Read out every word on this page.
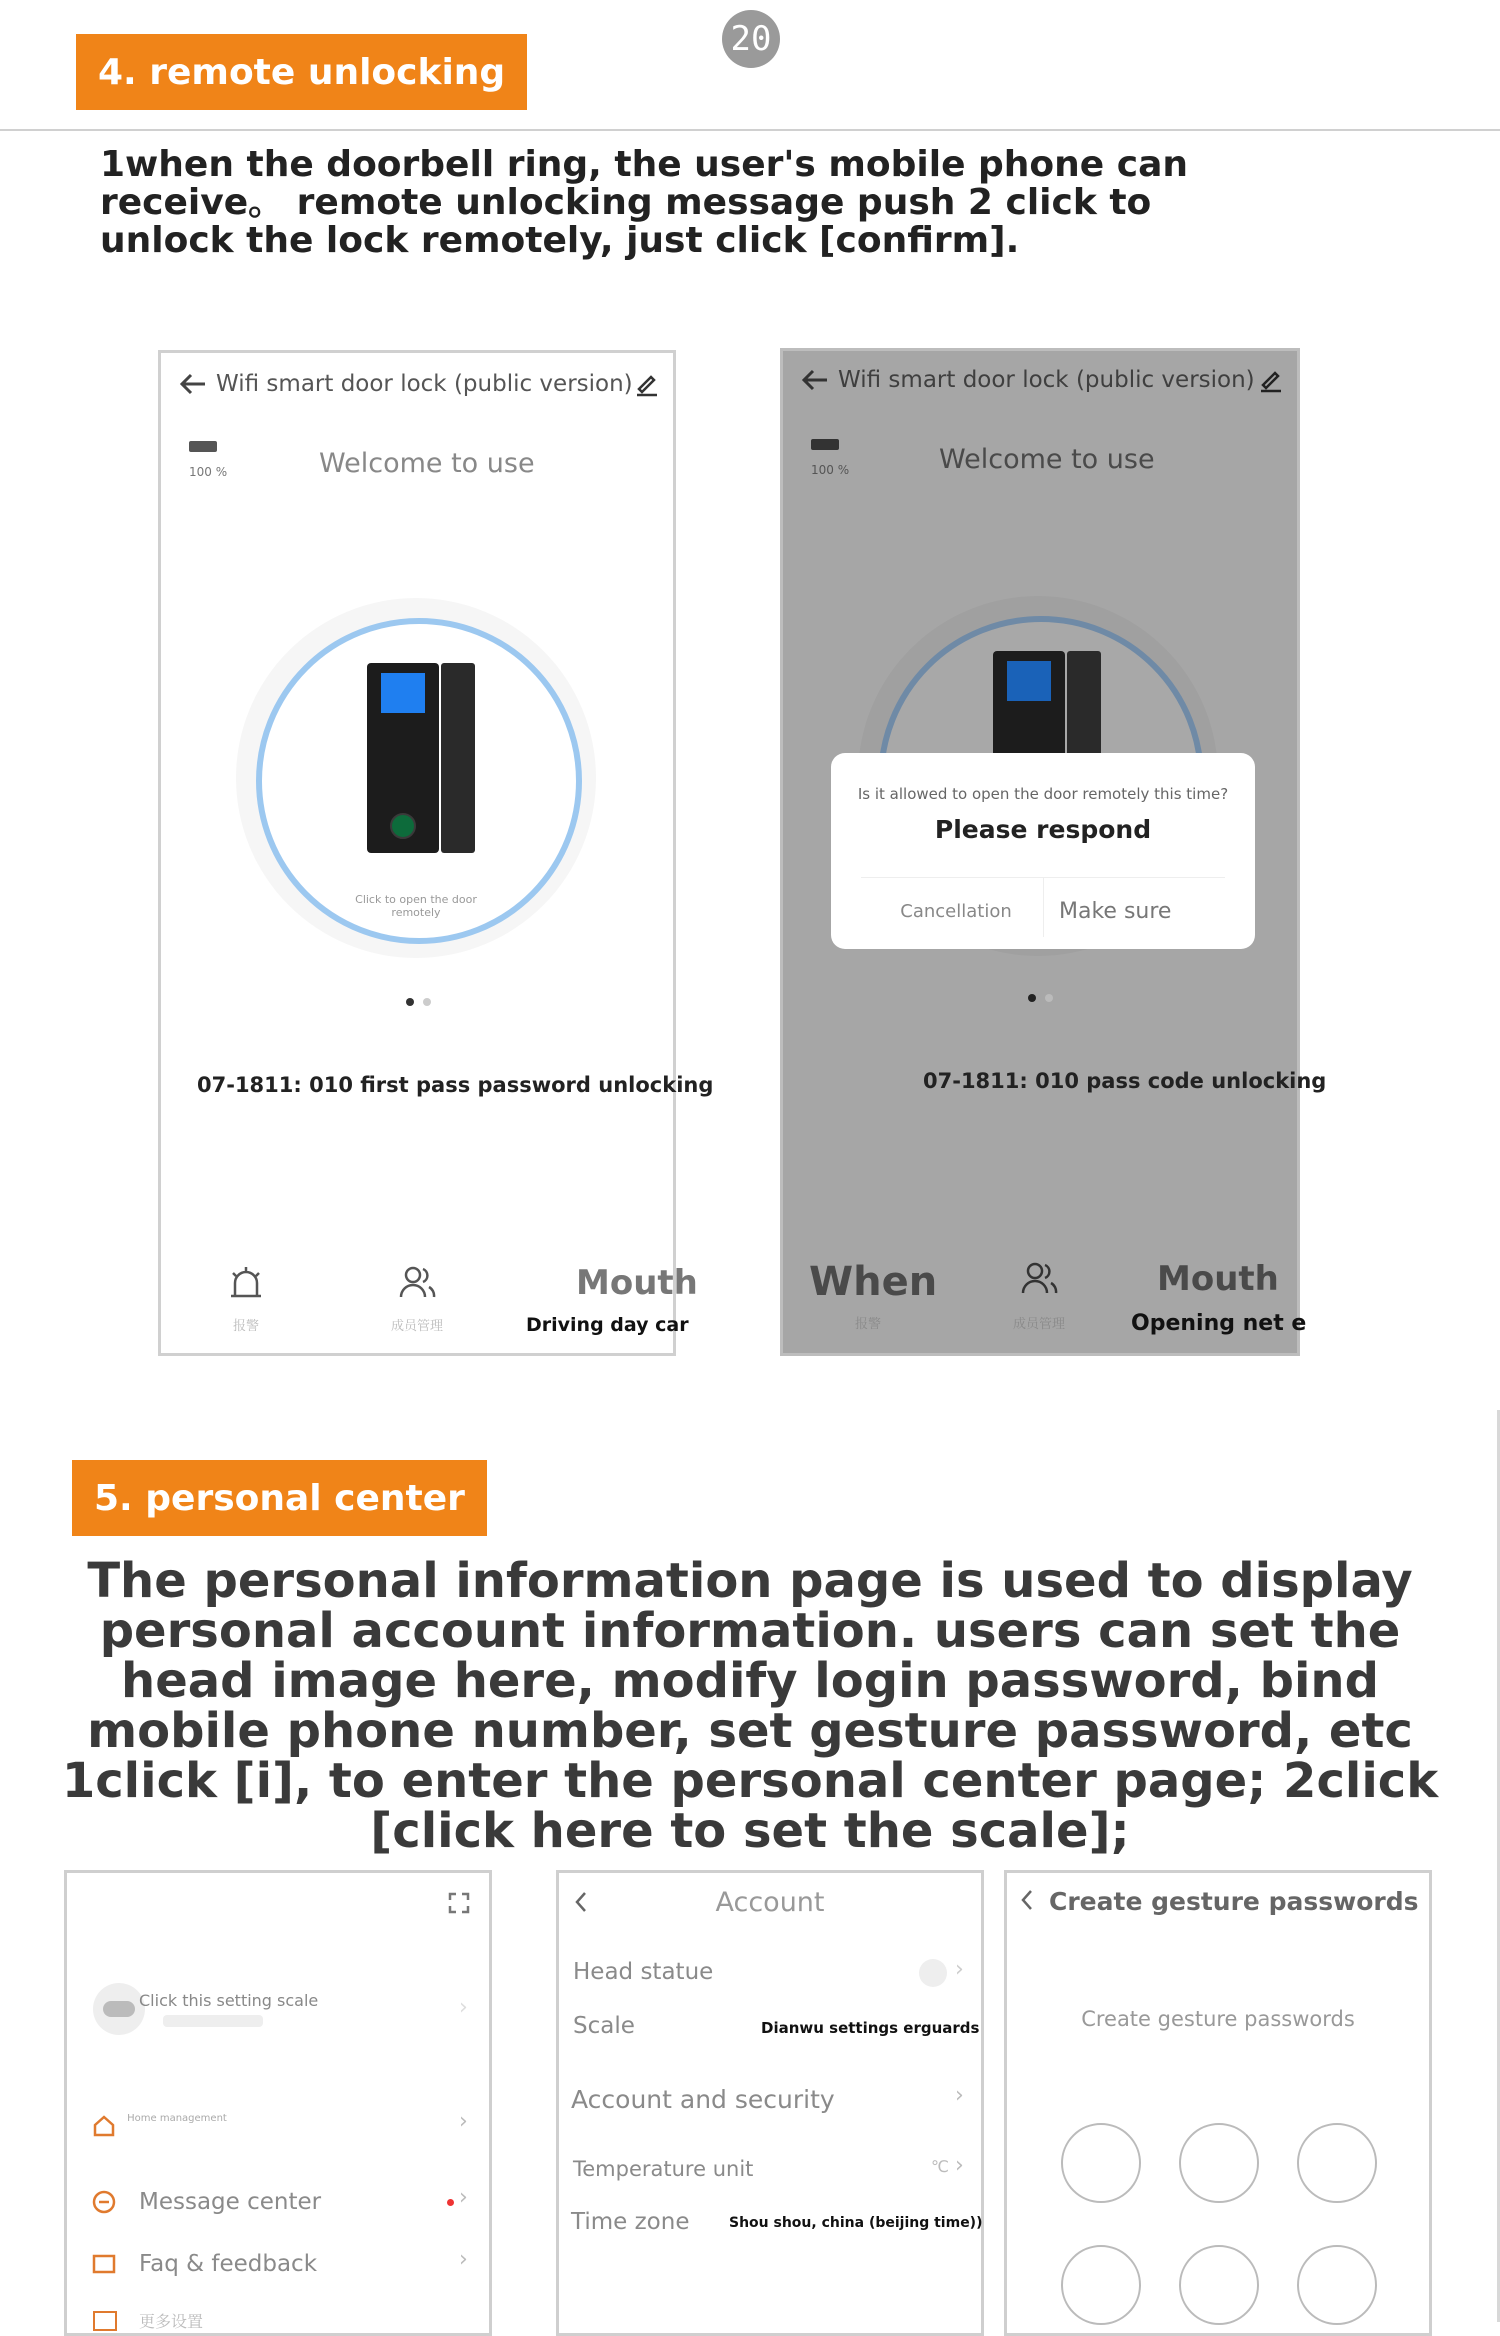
20
4. remote unlocking
1when the doorbell ring, the user's mobile phone can receive。 remote unlocking message push 2 click to unlock the lock remotely, just click [confirm].
Wifi smart door lock (public version)
100 %	Welcome to use
Click to open the door remotely
07-1811: 010 first pass password unlocking
报警	成员管理
Mouth
Driving day car
Wifi smart door lock (public version)
100 %	Welcome to use
Is it allowed to open the door remotely this time?
Please respond
Cancellation	Make sure
07-1811: 010 pass code unlocking
When
报警	成员管理
Mouth
Opening net e
5. personal center
The personal information page is used to display personal account information. users can set the head image here, modify login password, bind mobile phone number, set gesture password, etc 1click [i], to enter the personal center page; 2click [click here to set the scale];
Click this setting scale	›
Home management	›
Message center	›
Faq & feedback	›
更多设置
Account
Head statue	›
Scale	Dianwu settings erguards
Account and security	›
Temperature unit	℃ ›
Time zone	Shou shou, china (beijing time))
Create gesture passwords
Create gesture passwords
